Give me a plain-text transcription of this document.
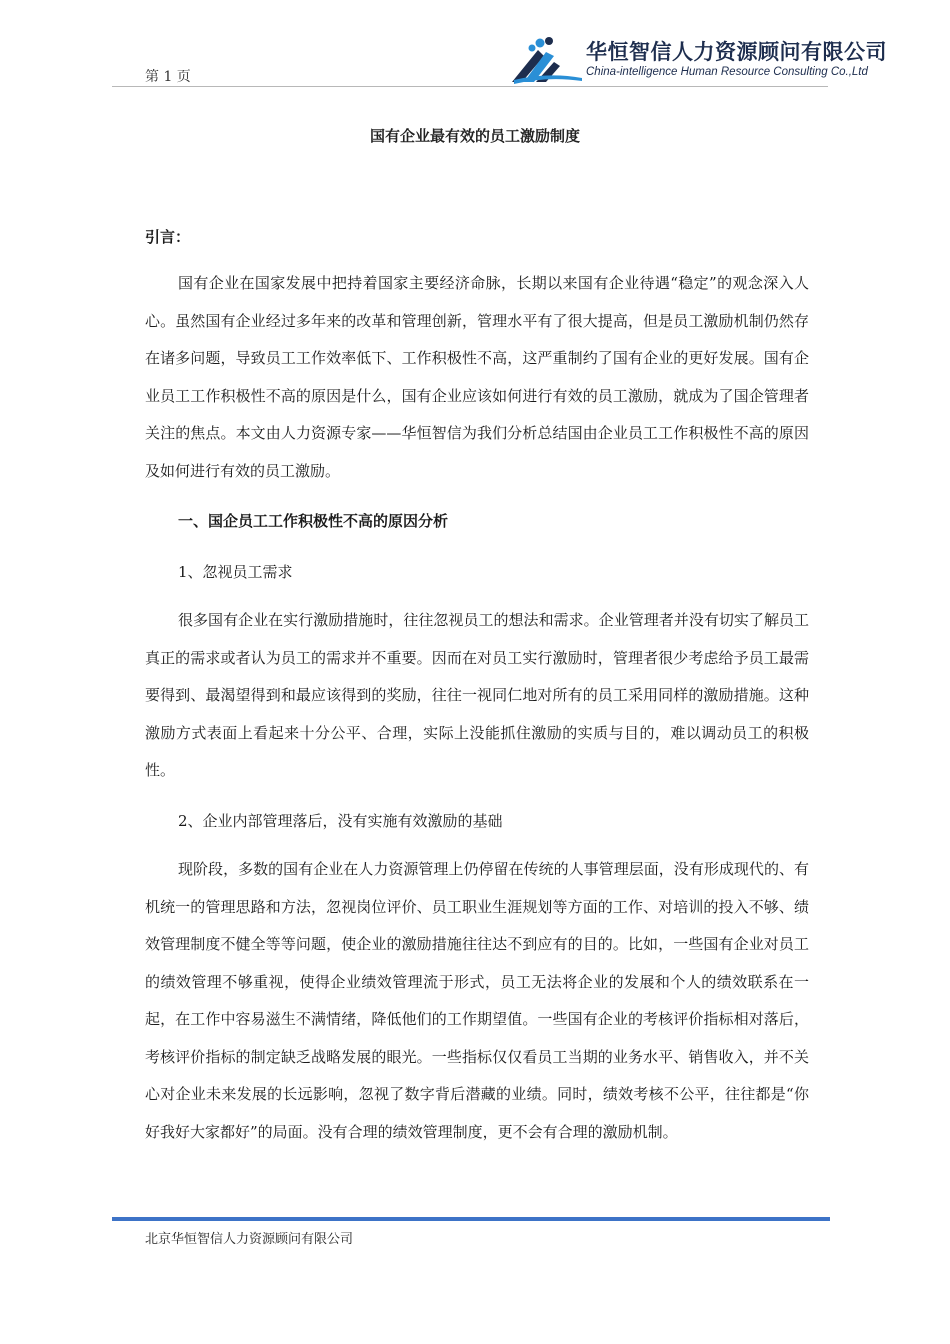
第 1 页
华恒智信人力资源顾问有限公司
China-intelligence Human Resource Consulting Co.,Ltd
国有企业最有效的员工激励制度
引言：

国有企业在国家发展中把持着国家主要经济命脉，长期以来国有企业待遇“稳定”的观念深入人心。虽然国有企业经过多年来的改革和管理创新，管理水平有了很大提高，但是员工激励机制仍然存在诸多问题，导致员工工作效率低下、工作积极性不高，这严重制约了国有企业的更好发展。国有企业员工工作积极性不高的原因是什么，国有企业应该如何进行有效的员工激励，就成为了国企管理者关注的焦点。本文由人力资源专家——华恒智信为我们分析总结国由企业员工工作积极性不高的原因及如何进行有效的员工激励。

一、国企员工工作积极性不高的原因分析
1、忽视员工需求

很多国有企业在实行激励措施时，往往忽视员工的想法和需求。企业管理者并没有切实了解员工真正的需求或者认为员工的需求并不重要。因而在对员工实行激励时，管理者很少考虑给予员工最需要得到、最渴望得到和最应该得到的奖励，往往一视同仁地对所有的员工采用同样的激励措施。这种激励方式表面上看起来十分公平、合理，实际上没能抓住激励的实质与目的，难以调动员工的积极性。

2、企业内部管理落后，没有实施有效激励的基础

现阶段，多数的国有企业在人力资源管理上仍停留在传统的人事管理层面，没有形成现代的、有机统一的管理思路和方法，忽视岗位评价、员工职业生涯规划等方面的工作、对培训的投入不够、绩效管理制度不健全等等问题，使企业的激励措施往往达不到应有的目的。比如，一些国有企业对员工的绩效管理不够重视，使得企业绩效管理流于形式，员工无法将企业的发展和个人的绩效联系在一起，在工作中容易滋生不满情绪，降低他们的工作期望值。一些国有企业的考核评价指标相对落后，考核评价指标的制定缺乏战略发展的眼光。一些指标仅仅看员工当期的业务水平、销售收入，并不关心对企业未来发展的长远影响，忽视了数字背后潜藏的业绩。同时，绩效考核不公平，往往都是“你好我好大家都好”的局面。没有合理的绩效管理制度，更不会有合理的激励机制。

北京华恒智信人力资源顾问有限公司
